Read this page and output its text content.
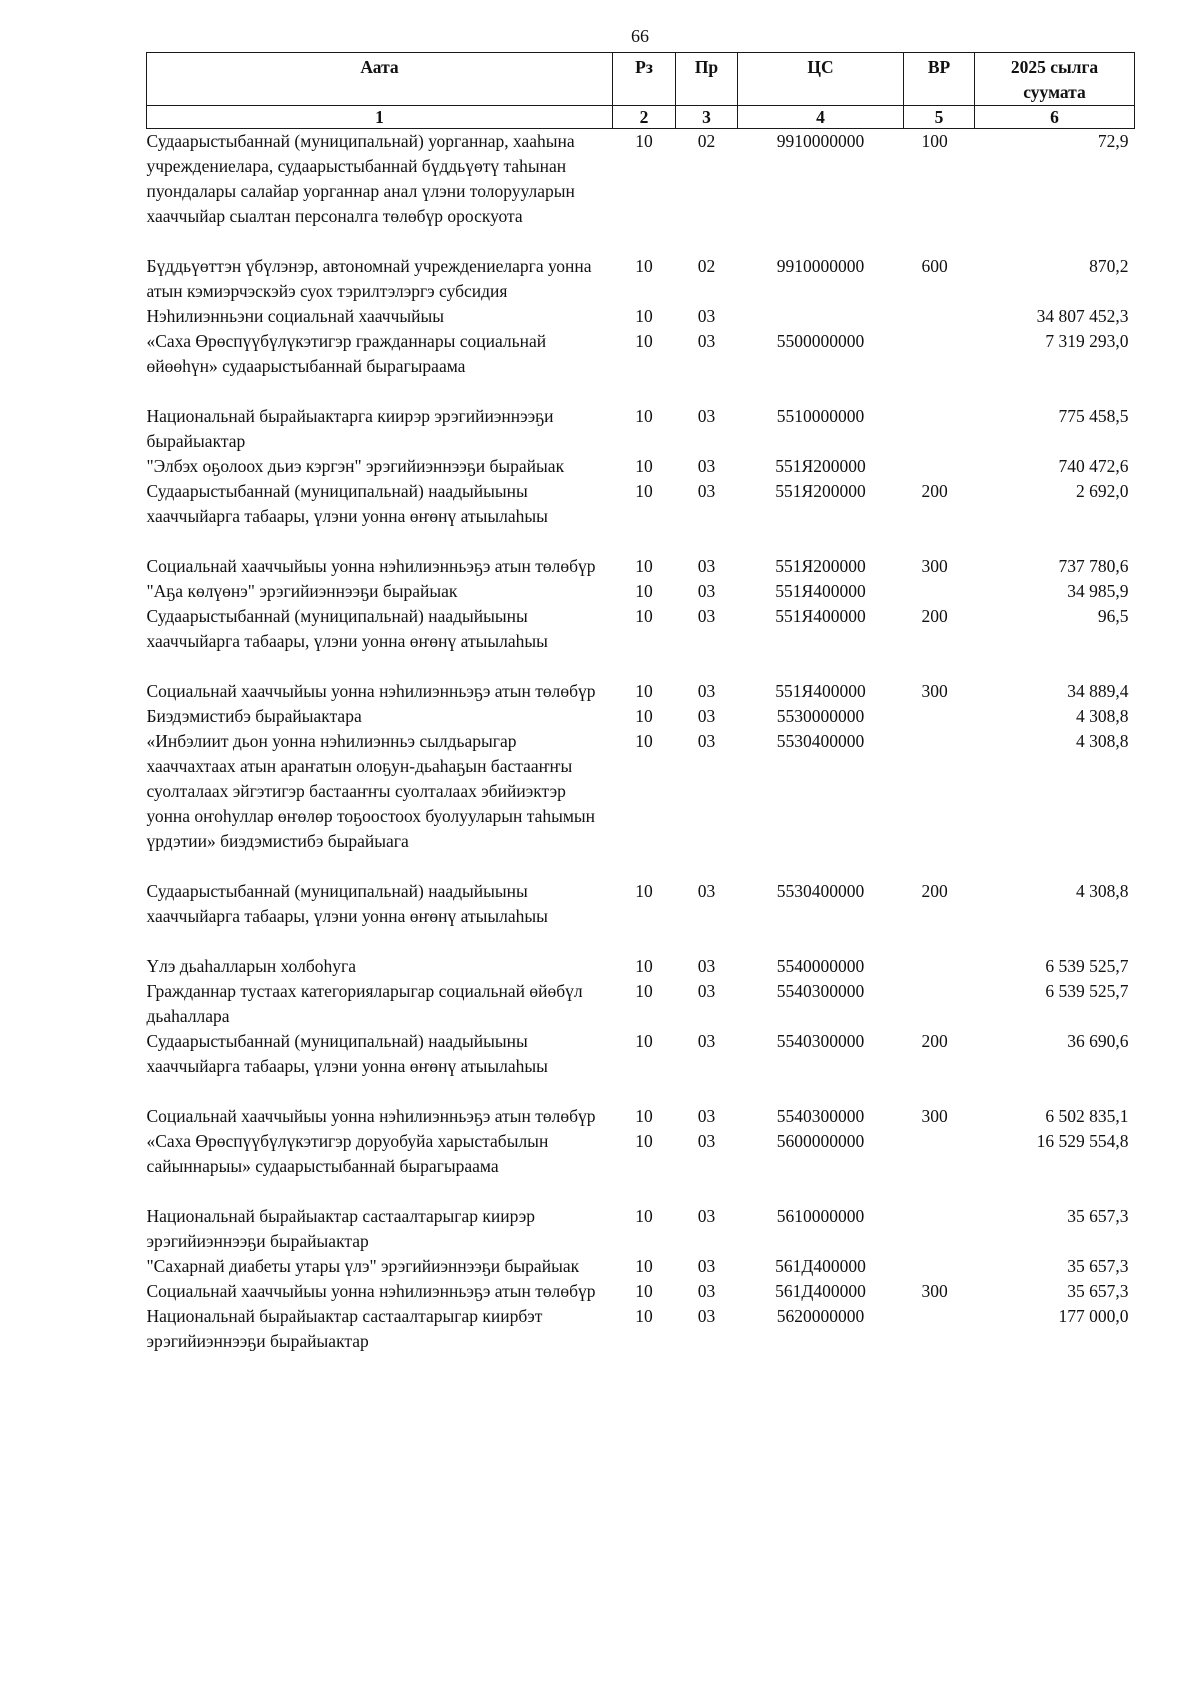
66
Аата	Рз	Пр	ЦС	ВР	2025 сылга суумата
1	2	3	4	5	6
Судаарыстыбаннай (муниципальнай) уорганнар, хааһына учреждениелара, судаарыстыбаннай бүддьүөтү таһынан пуондалары салайар уорганнар анал үлэни толорууларын хааччыйар сыалтан персоналга төлөбүр ороскуота	10	02	9910000000	100	72,9
Бүддьүөттэн үбүлэнэр, автономнай учреждениеларга уонна атын кэмиэрчэскэйэ суох тэрилтэлэргэ субсидия	10	02	9910000000	600	870,2
Нэһилиэнньэни социальнай хааччыйыы	10	03			34 807 452,3
«Саха Өрөспүүбүлүкэтигэр гражданнары социальнай өйөөһүн» судаарыстыбаннай бырагыраама	10	03	5500000000		7 319 293,0
Национальнай бырайыактарга киирэр эрэгийиэннээҕи бырайыактар	10	03	5510000000		775 458,5
"Элбэх оҕолоох дьиэ кэргэн" эрэгийиэннээҕи бырайыак	10	03	551Я200000		740 472,6
Судаарыстыбаннай (муниципальнай) наадыйыыны хааччыйарга табаары, үлэни уонна өҥөнү атыылаһыы	10	03	551Я200000	200	2 692,0
Социальнай хааччыйыы уонна нэһилиэнньэҕэ атын төлөбүр	10	03	551Я200000	300	737 780,6
"Аҕа көлүөнэ" эрэгийиэннээҕи бырайыак	10	03	551Я400000		34 985,9
Судаарыстыбаннай (муниципальнай) наадыйыыны хааччыйарга табаары, үлэни уонна өҥөнү атыылаһыы	10	03	551Я400000	200	96,5
Социальнай хааччыйыы уонна нэһилиэнньэҕэ атын төлөбүр	10	03	551Я400000	300	34 889,4
Биэдэмистибэ бырайыактара	10	03	5530000000		4 308,8
«Инбэлиит дьон уонна нэһилиэнньэ сылдьарыгар хааччахтаах атын араҥатын олоҕун-дьаһаҕын бастааҥҥы суолталаах эйгэтигэр бастааҥҥы суолталаах эбийиэктэр уонна оҥоһуллар өҥөлөр тоҕоостоох буолууларын таһымын үрдэтии» биэдэмистибэ бырайыага	10	03	5530400000		4 308,8
Судаарыстыбаннай (муниципальнай) наадыйыыны хааччыйарга табаары, үлэни уонна өҥөнү атыылаһыы	10	03	5530400000	200	4 308,8
Үлэ дьаһалларын холбоһуга	10	03	5540000000		6 539 525,7
Гражданнар тустаах категорияларыгар социальнай өйөбүл дьаһаллара	10	03	5540300000		6 539 525,7
Судаарыстыбаннай (муниципальнай) наадыйыыны хааччыйарга табаары, үлэни уонна өҥөнү атыылаһыы	10	03	5540300000	200	36 690,6
Социальнай хааччыйыы уонна нэһилиэнньэҕэ атын төлөбүр	10	03	5540300000	300	6 502 835,1
«Саха Өрөспүүбүлүкэтигэр доруобуйа харыстабылын сайыннарыы» судаарыстыбаннай бырагыраама	10	03	5600000000		16 529 554,8
Национальнай бырайыактар састаалтарыгар киирэр эрэгийиэннээҕи бырайыактар	10	03	5610000000		35 657,3
"Сахарнай диабеты утары үлэ" эрэгийиэннээҕи бырайыак	10	03	561Д400000		35 657,3
Социальнай хааччыйыы уонна нэһилиэнньэҕэ атын төлөбүр	10	03	561Д400000	300	35 657,3
Национальнай бырайыактар састаалтарыгар киирбэт эрэгийиэннээҕи бырайыактар	10	03	5620000000		177 000,0
